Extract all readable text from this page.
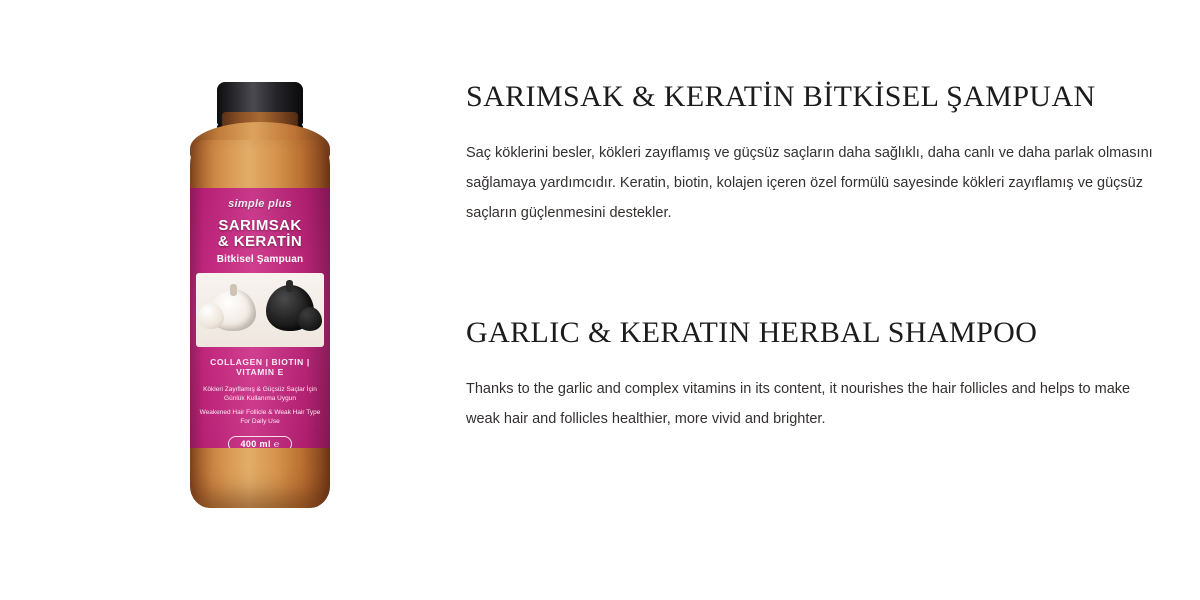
simple plus
SARIMSAK
& KERATİN
Bitkisel Şampuan
COLLAGEN | BIOTIN | VITAMIN E
Kökleri Zayıflamış & Güçsüz Saçlar İçin
Günlük Kullanıma Uygun
Weakened Hair Follicle & Weak Hair Type
For Daily Use
400 ml ℮
SARIMSAK & KERATİN BİTKİSEL ŞAMPUAN

Saç köklerini besler, kökleri zayıflamış ve güçsüz saçların daha sağlıklı, daha canlı ve daha parlak olmasını sağlamaya yardımcıdır. Keratin, biotin, kolajen içeren özel formülü sayesinde kökleri zayıflamış ve güçsüz saçların güçlenmesini destekler.

GARLIC & KERATIN HERBAL SHAMPOO

Thanks to the garlic and complex vitamins in its content, it nourishes the hair follicles and helps to make weak hair and follicles healthier, more vivid and brighter.
